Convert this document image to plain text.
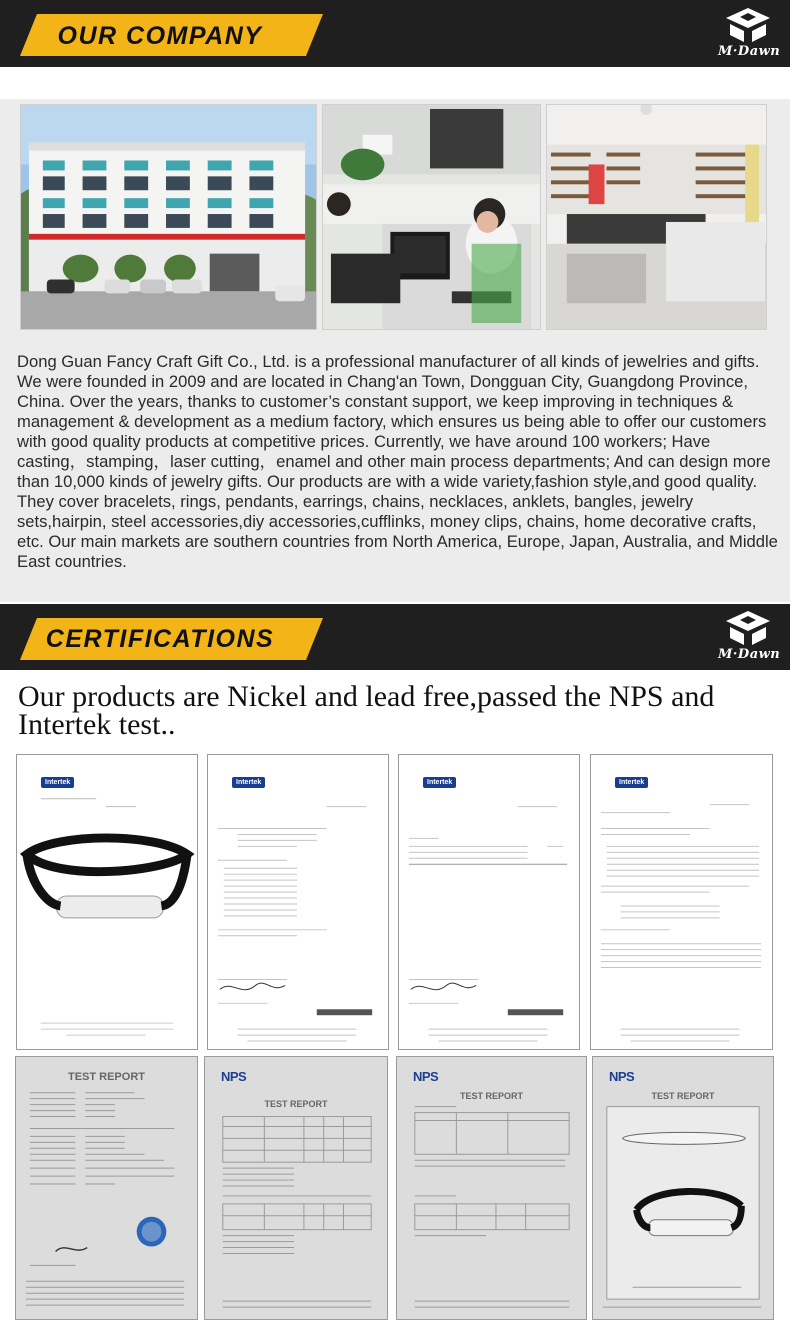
OUR COMPANY
M·Dawn
Dong Guan Fancy Craft Gift Co., Ltd. is a professional manufacturer of all kinds of jewelries and gifts. We were founded in 2009 and are located in Chang'an Town, Dongguan City, Guangdong Province, China. Over the years, thanks to customer’s constant support, we keep improving in techniques & management & development as a medium factory, which ensures us being able to offer our customers with good quality products at competitive prices. Currently, we have around 100 workers; Have casting，stamping，laser cutting，enamel and other main process departments; And can design more than 10,000 kinds of jewelry gifts. Our products are with a wide variety,fashion style,and good quality. They cover bracelets, rings, pendants, earrings, chains, necklaces, anklets, bangles, jewelry sets,hairpin, steel accessories,diy accessories,cufflinks, money clips, chains, home decorative crafts, etc. Our main markets are southern countries from North America, Europe, Japan, Australia, and Middle East countries.
CERTIFICATIONS
M·Dawn
Our products are Nickel and lead free,passed the NPS and Intertek test..
Intertek	Intertek	Intertek	Intertek
TEST REPORT	NPS
TEST REPORT
NPS
TEST REPORT
NPS
TEST REPORT
